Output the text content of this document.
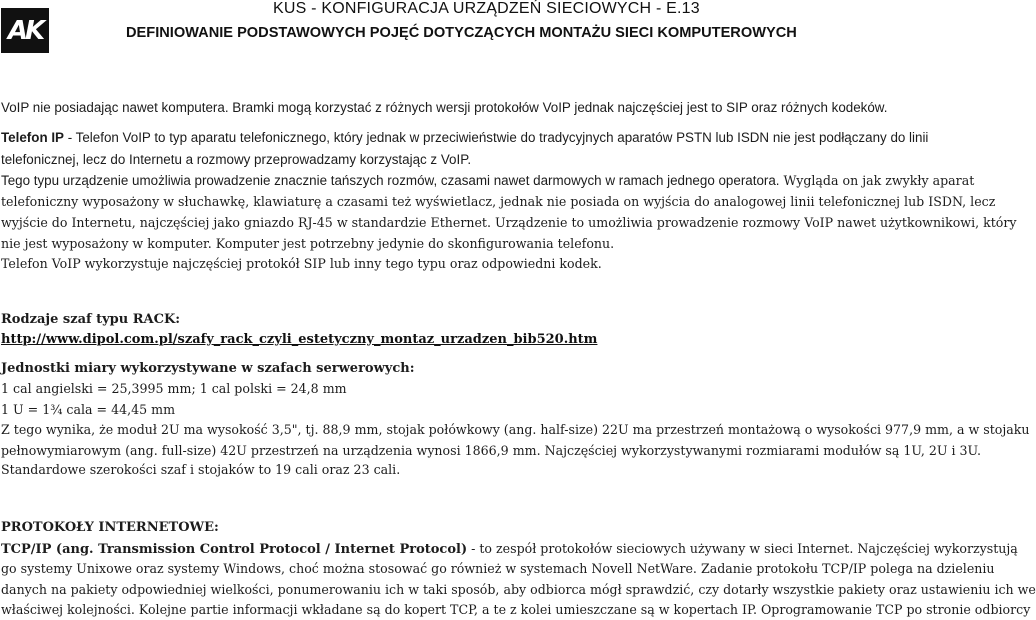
AK
KUS - KONFIGURACJA URZĄDZEŃ SIECIOWYCH - E.13
DEFINIOWANIE PODSTAWOWYCH POJĘĆ DOTYCZĄCYCH MONTAŻU SIECI KOMPUTEROWYCH
VoIP nie posiadając nawet komputera. Bramki mogą korzystać z różnych wersji protokołów VoIP jednak najczęściej jest to SIP oraz różnych kodeków.
Telefon IP - Telefon VoIP to typ aparatu telefonicznego, który jednak w przeciwieństwie do tradycyjnych aparatów PSTN lub ISDN nie jest podłączany do linii
telefonicznej, lecz do Internetu a rozmowy przeprowadzamy korzystając z VoIP.
Tego typu urządzenie umożliwia prowadzenie znacznie tańszych rozmów, czasami nawet darmowych w ramach jednego operatora. Wygląda on jak zwykły aparat
telefoniczny wyposażony w słuchawkę, klawiaturę a czasami też wyświetlacz, jednak nie posiada on wyjścia do analogowej linii telefonicznej lub ISDN, lecz
wyjście do Internetu, najczęściej jako gniazdo RJ-45 w standardzie Ethernet. Urządzenie to umożliwia prowadzenie rozmowy VoIP nawet użytkownikowi, który
nie jest wyposażony w komputer. Komputer jest potrzebny jedynie do skonfigurowania telefonu.
Telefon VoIP wykorzystuje najczęściej protokół SIP lub inny tego typu oraz odpowiedni kodek.
Rodzaje szaf typu RACK:
http://www.dipol.com.pl/szafy_rack_czyli_estetyczny_montaz_urzadzen_bib520.htm
Jednostki miary wykorzystywane w szafach serwerowych:
1 cal angielski = 25,3995 mm; 1 cal polski = 24,8 mm
1 U = 1¾ cala = 44,45 mm
Z tego wynika, że moduł 2U ma wysokość 3,5", tj. 88,9 mm, stojak połówkowy (ang. half-size) 22U ma przestrzeń montażową o wysokości 977,9 mm, a w stojaku
pełnowymiarowym (ang. full-size) 42U przestrzeń na urządzenia wynosi 1866,9 mm. Najczęściej wykorzystywanymi rozmiarami modułów są 1U, 2U i 3U.
Standardowe szerokości szaf i stojaków to 19 cali oraz 23 cali.
PROTOKOŁY INTERNETOWE:
TCP/IP (ang. Transmission Control Protocol / Internet Protocol) - to zespół protokołów sieciowych używany w sieci Internet. Najczęściej wykorzystują
go systemy Unixowe oraz systemy Windows, choć można stosować go również w systemach Novell NetWare. Zadanie protokołu TCP/IP polega na dzieleniu
danych na pakiety odpowiedniej wielkości, ponumerowaniu ich w taki sposób, aby odbiorca mógł sprawdzić, czy dotarły wszystkie pakiety oraz ustawieniu ich we
właściwej kolejności. Kolejne partie informacji wkładane są do kopert TCP, a te z kolei umieszczane są w kopertach IP. Oprogramowanie TCP po stronie odbiorcy
